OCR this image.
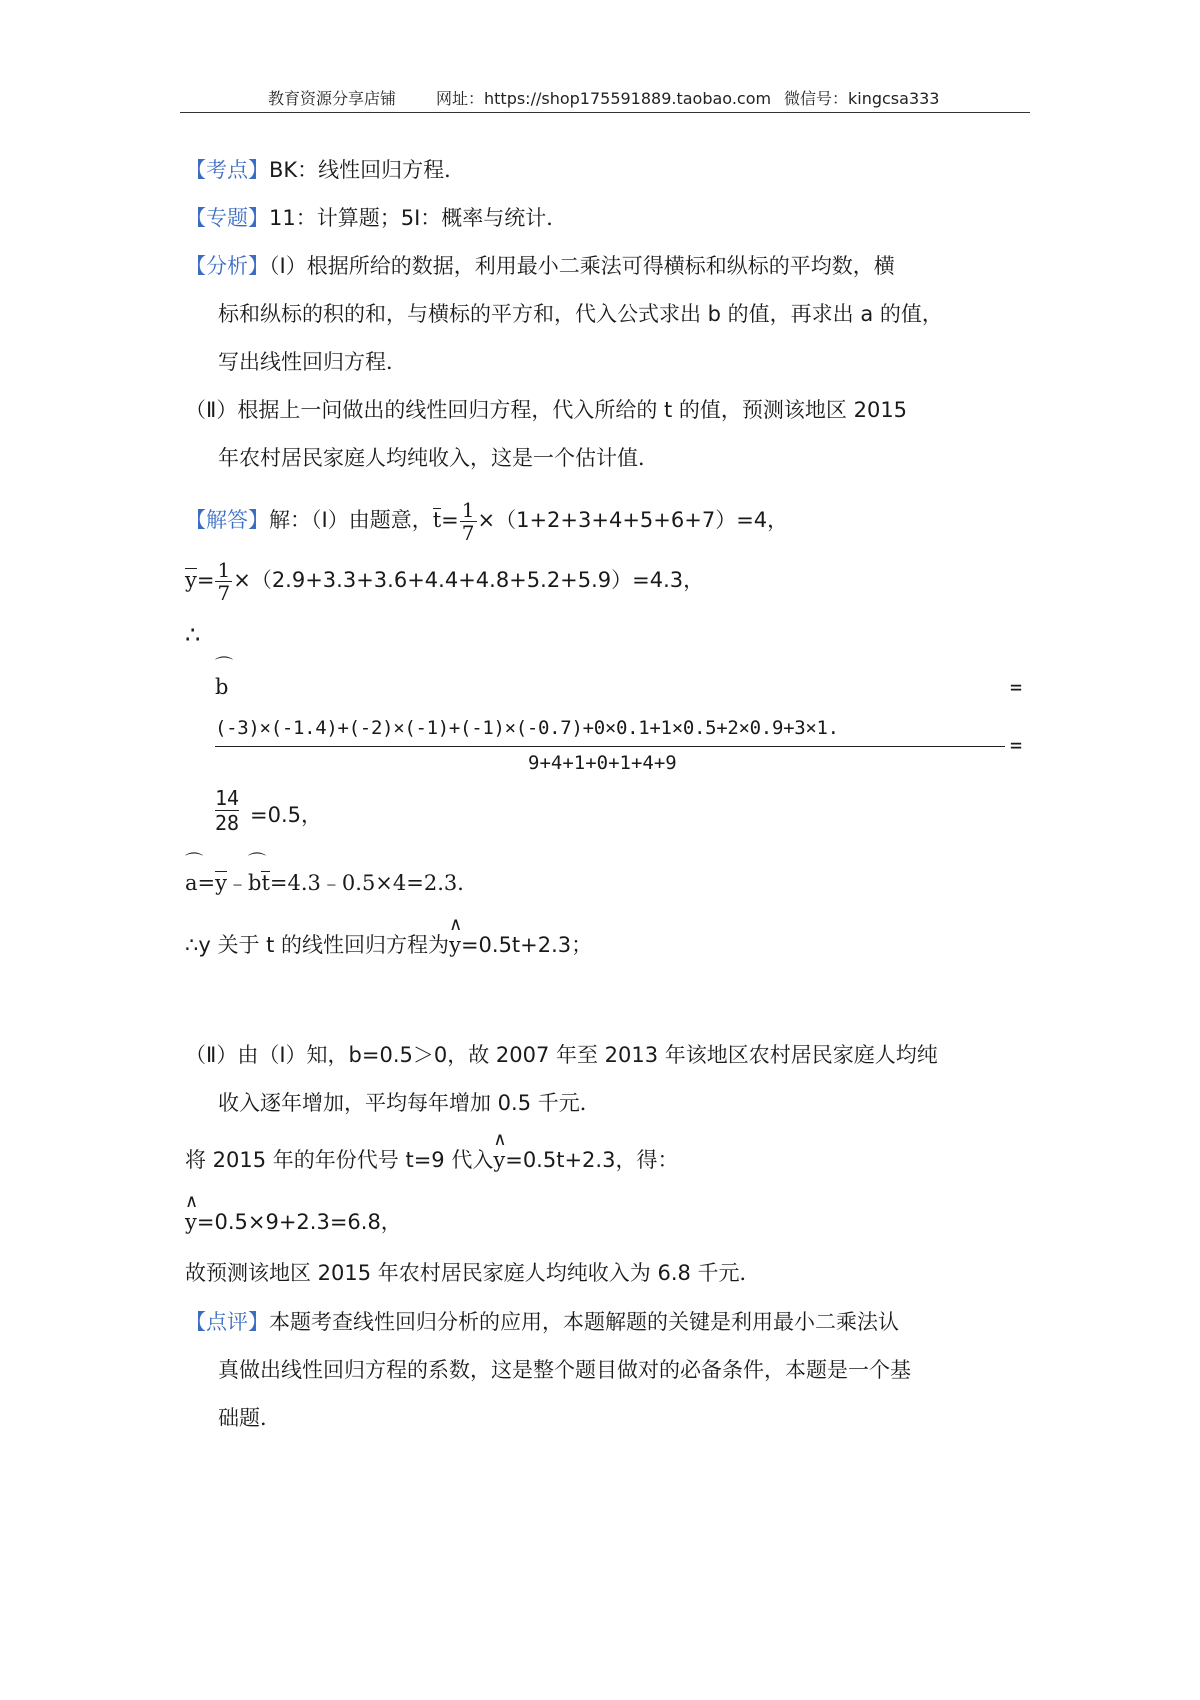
教育资源分享店铺 网址：https://shop175591889.taobao.com 微信号：kingcsa333
【考点】BK：线性回归方程．
【专题】11：计算题；5I：概率与统计．
【分析】（Ⅰ）根据所给的数据，利用最小二乘法可得横标和纵标的平均数，横
标和纵标的积的和，与横标的平方和，代入公式求出 b 的值，再求出 a 的值，
写出线性回归方程．
（Ⅱ）根据上一问做出的线性回归方程，代入所给的 t 的值，预测该地区 2015
年农村居民家庭人均纯收入，这是一个估计值．
【解答】解：（Ⅰ）由题意，$t= \frac{1}{7} \times(1+2+3+4+5+6+7)=4$，
$y= \frac{1}{7} \times(2.9+3.3+3.6+4.4+4.8+5.2+5.9)=4.3$，
∴
⌒
b	=
(-3)×(-1.4)+(-2)×(-1)+(-1)×(-0.7)+0×0.1+1×0.5+2×0.9+3×1.
9+4+1+0+1+4+9
=
$\frac{14}{28} =0.5$，
⌒
a=y﹣
⌒
bt=4.3﹣0.5×4=2.3．
∴y 关于 t 的线性回归方程为
∧
y=0.5t+2.3；
（Ⅱ）由（Ⅰ）知，b=0.5＞0，故 2007 年至 2013 年该地区农村居民家庭人均纯
收入逐年增加，平均每年增加 0.5 千元．
将 2015 年的年份代号 t=9 代入
∧
y=0.5t+2.3，得：
∧
y=0.5×9+2.3=6.8，
故预测该地区 2015 年农村居民家庭人均纯收入为 6.8 千元．
【点评】本题考查线性回归分析的应用，本题解题的关键是利用最小二乘法认
真做出线性回归方程的系数，这是整个题目做对的必备条件，本题是一个基
础题．
